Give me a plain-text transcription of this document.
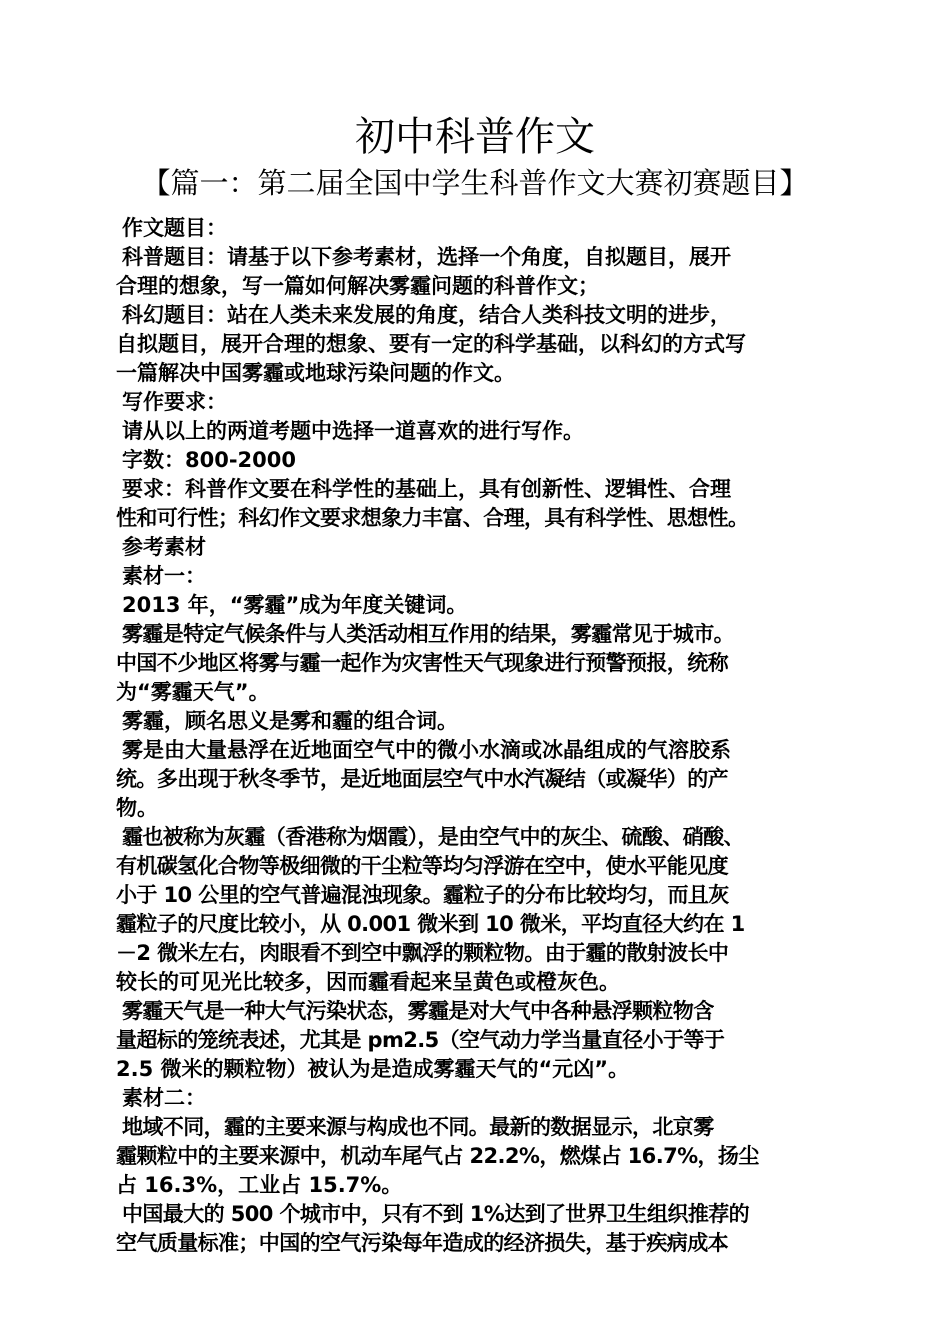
初中科普作文
【篇一：第二届全国中学生科普作文大赛初赛题目】
作文题目：
科普题目：请基于以下参考素材，选择一个角度，自拟题目，展开
合理的想象，写一篇如何解决雾霾问题的科普作文；
科幻题目：站在人类未来发展的角度，结合人类科技文明的进步，
自拟题目，展开合理的想象、要有一定的科学基础，以科幻的方式写
一篇解决中国雾霾或地球污染问题的作文。
写作要求：
请从以上的两道考题中选择一道喜欢的进行写作。
字数：800-2000
要求：科普作文要在科学性的基础上，具有创新性、逻辑性、合理
性和可行性；科幻作文要求想象力丰富、合理，具有科学性、思想性。
参考素材
素材一：
2013 年，“雾霾”成为年度关键词。
雾霾是特定气候条件与人类活动相互作用的结果，雾霾常见于城市。
中国不少地区将雾与霾一起作为灾害性天气现象进行预警预报，统称
为“雾霾天气”。
雾霾，顾名思义是雾和霾的组合词。
雾是由大量悬浮在近地面空气中的微小水滴或冰晶组成的气溶胶系
统。多出现于秋冬季节，是近地面层空气中水汽凝结（或凝华）的产
物。
霾也被称为灰霾（香港称为烟霞），是由空气中的灰尘、硫酸、硝酸、
有机碳氢化合物等极细微的干尘粒等均匀浮游在空中，使水平能见度
小于 10 公里的空气普遍混浊现象。霾粒子的分布比较均匀，而且灰
霾粒子的尺度比较小，从 0.001 微米到 10 微米，平均直径大约在 1
－2 微米左右，肉眼看不到空中飘浮的颗粒物。由于霾的散射波长中
较长的可见光比较多，因而霾看起来呈黄色或橙灰色。
雾霾天气是一种大气污染状态，雾霾是对大气中各种悬浮颗粒物含
量超标的笼统表述，尤其是 pm2.5（空气动力学当量直径小于等于
2.5 微米的颗粒物）被认为是造成雾霾天气的“元凶”。
素材二：
地域不同，霾的主要来源与构成也不同。最新的数据显示，北京雾
霾颗粒中的主要来源中，机动车尾气占 22.2%，燃煤占 16.7%，扬尘
占 16.3%，工业占 15.7%。
中国最大的 500 个城市中，只有不到 1%达到了世界卫生组织推荐的
空气质量标准；中国的空气污染每年造成的经济损失，基于疾病成本
